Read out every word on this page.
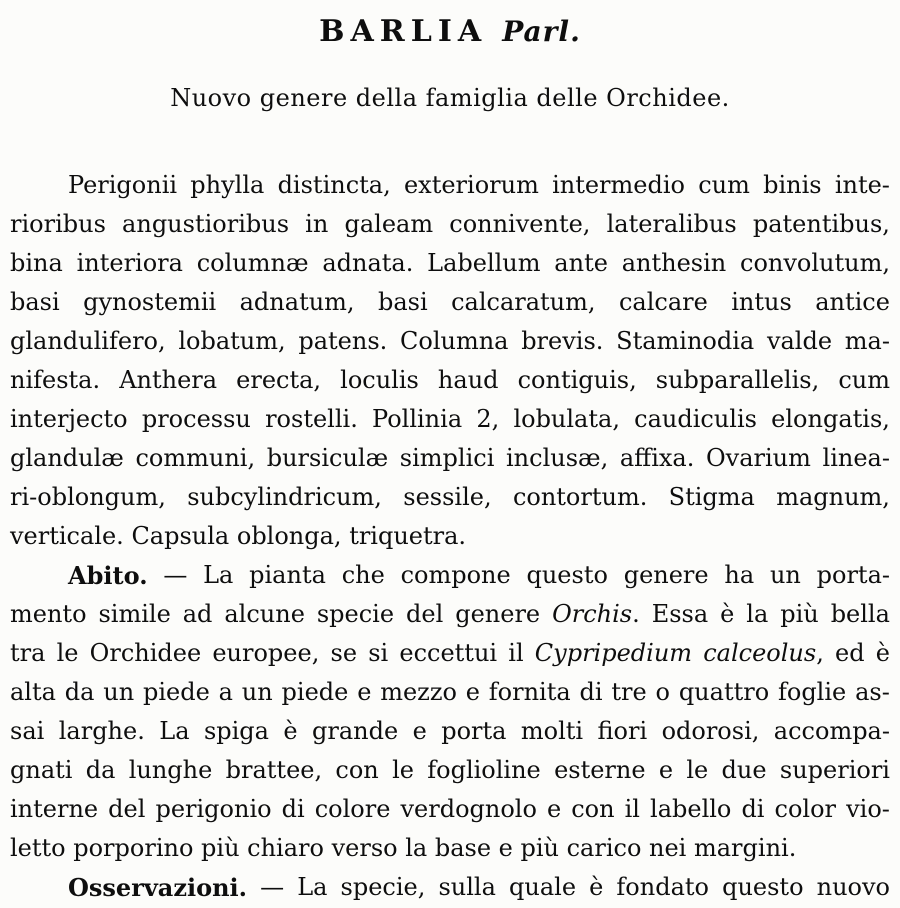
BARLIA Parl.
Nuovo genere della famiglia delle Orchidee.
Perigonii phylla distincta, exteriorum intermedio cum binis inte-
rioribus angustioribus in galeam connivente, lateralibus patentibus,
bina interiora columnæ adnata. Labellum ante anthesin convolutum,
basi gynostemii adnatum, basi calcaratum, calcare intus antice
glandulifero, lobatum, patens. Columna brevis. Staminodia valde ma-
nifesta. Anthera erecta, loculis haud contiguis, subparallelis, cum
interjecto processu rostelli. Pollinia 2, lobulata, caudiculis elongatis,
glandulæ communi, bursiculæ simplici inclusæ, affixa. Ovarium linea-
ri-oblongum, subcylindricum, sessile, contortum. Stigma magnum,
verticale. Capsula oblonga, triquetra.
Abito. — La pianta che compone questo genere ha un porta-
mento simile ad alcune specie del genere Orchis. Essa è la più bella
tra le Orchidee europee, se si eccettui il Cypripedium calceolus, ed è
alta da un piede a un piede e mezzo e fornita di tre o quattro foglie as-
sai larghe. La spiga è grande e porta molti fiori odorosi, accompa-
gnati da lunghe brattee, con le foglioline esterne e le due superiori
interne del perigonio di colore verdognolo e con il labello di color vio-
letto porporino più chiaro verso la base e più carico nei margini.
Osservazioni. — La specie, sulla quale è fondato questo nuovo
